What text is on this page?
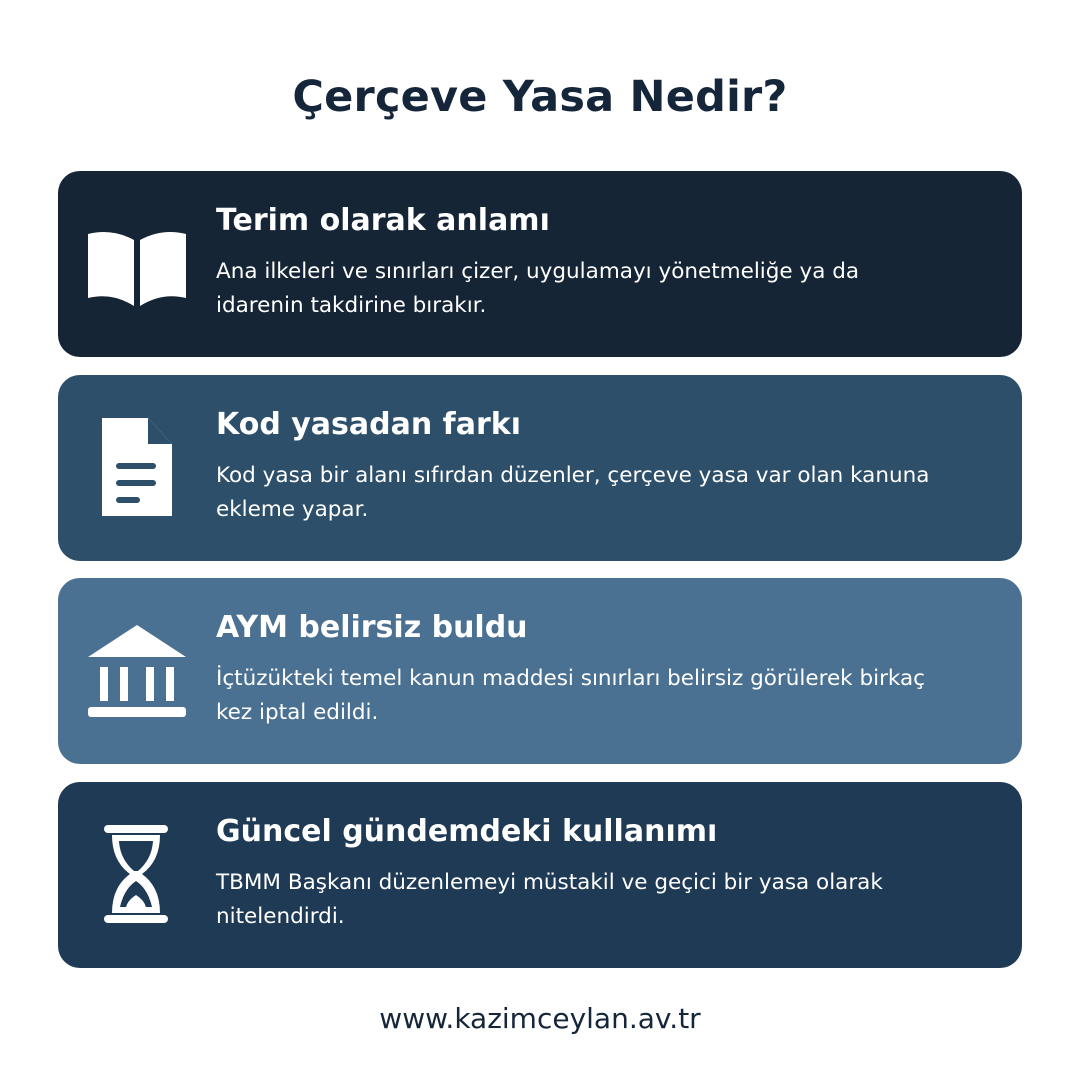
Çerçeve Yasa Nedir?
Terim olarak anlamı

Ana ilkeleri ve sınırları çizer, uygulamayı yönetmeliğe ya da idarenin takdirine bırakır.

Kod yasadan farkı

Kod yasa bir alanı sıfırdan düzenler, çerçeve yasa var olan kanuna ekleme yapar.

AYM belirsiz buldu

İçtüzükteki temel kanun maddesi sınırları belirsiz görülerek birkaç kez iptal edildi.

Güncel gündemdeki kullanımı

TBMM Başkanı düzenlemeyi müstakil ve geçici bir yasa olarak nitelendirdi.

www.kazimceylan.av.tr
